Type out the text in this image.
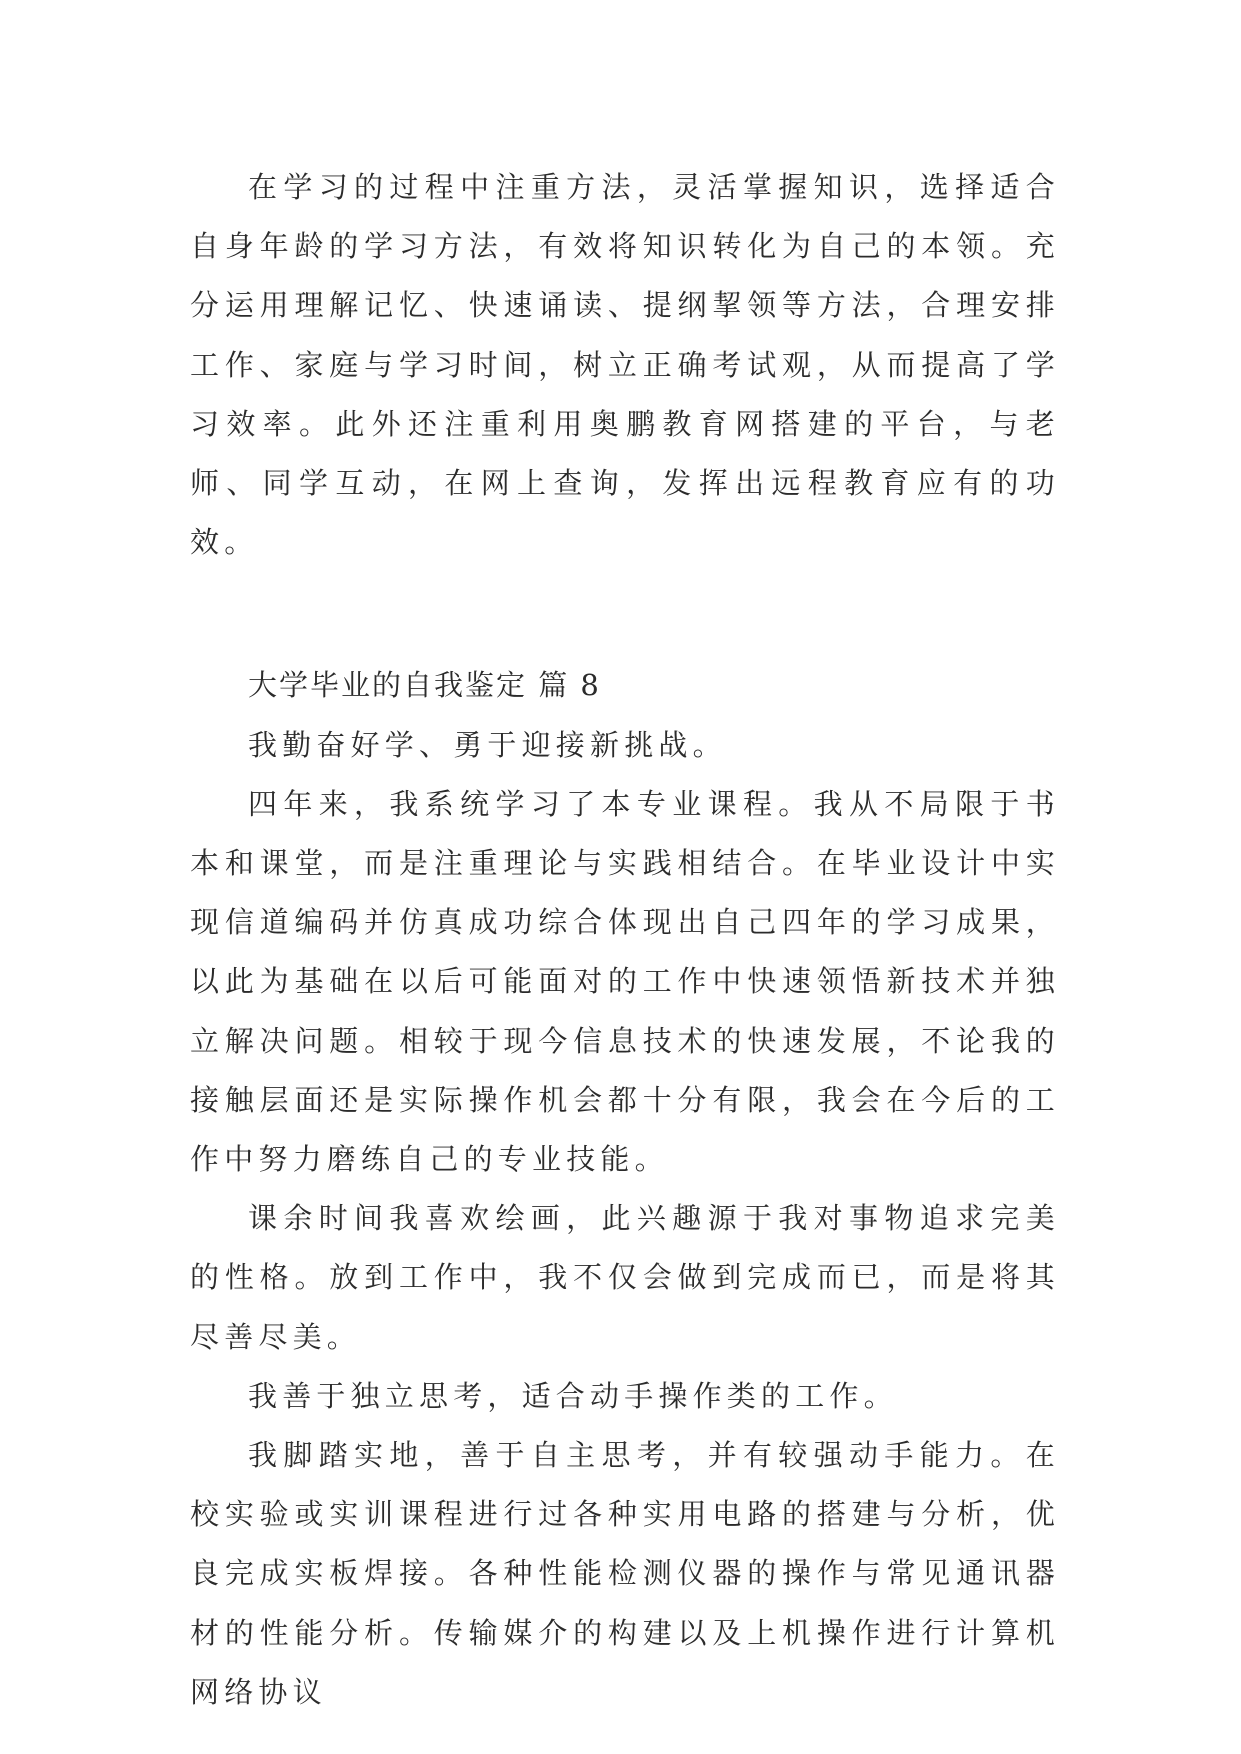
在学习的过程中注重方法，灵活掌握知识，选择适合自身年龄的学习方法，有效将知识转化为自己的本领。充分运用理解记忆、快速诵读、提纲挈领等方法，合理安排工作、家庭与学习时间，树立正确考试观，从而提高了学习效率。此外还注重利用奥鹏教育网搭建的平台，与老师、同学互动，在网上查询，发挥出远程教育应有的功效。

大学毕业的自我鉴定 篇 8

我勤奋好学、勇于迎接新挑战。

四年来，我系统学习了本专业课程。我从不局限于书本和课堂，而是注重理论与实践相结合。在毕业设计中实现信道编码并仿真成功综合体现出自己四年的学习成果，以此为基础在以后可能面对的工作中快速领悟新技术并独立解决问题。相较于现今信息技术的快速发展，不论我的接触层面还是实际操作机会都十分有限，我会在今后的工作中努力磨练自己的专业技能。

课余时间我喜欢绘画，此兴趣源于我对事物追求完美的性格。放到工作中，我不仅会做到完成而已，而是将其尽善尽美。

我善于独立思考，适合动手操作类的工作。

我脚踏实地，善于自主思考，并有较强动手能力。在校实验或实训课程进行过各种实用电路的搭建与分析，优良完成实板焊接。各种性能检测仪器的操作与常见通讯器材的性能分析。传输媒介的构建以及上机操作进行计算机网络协议
